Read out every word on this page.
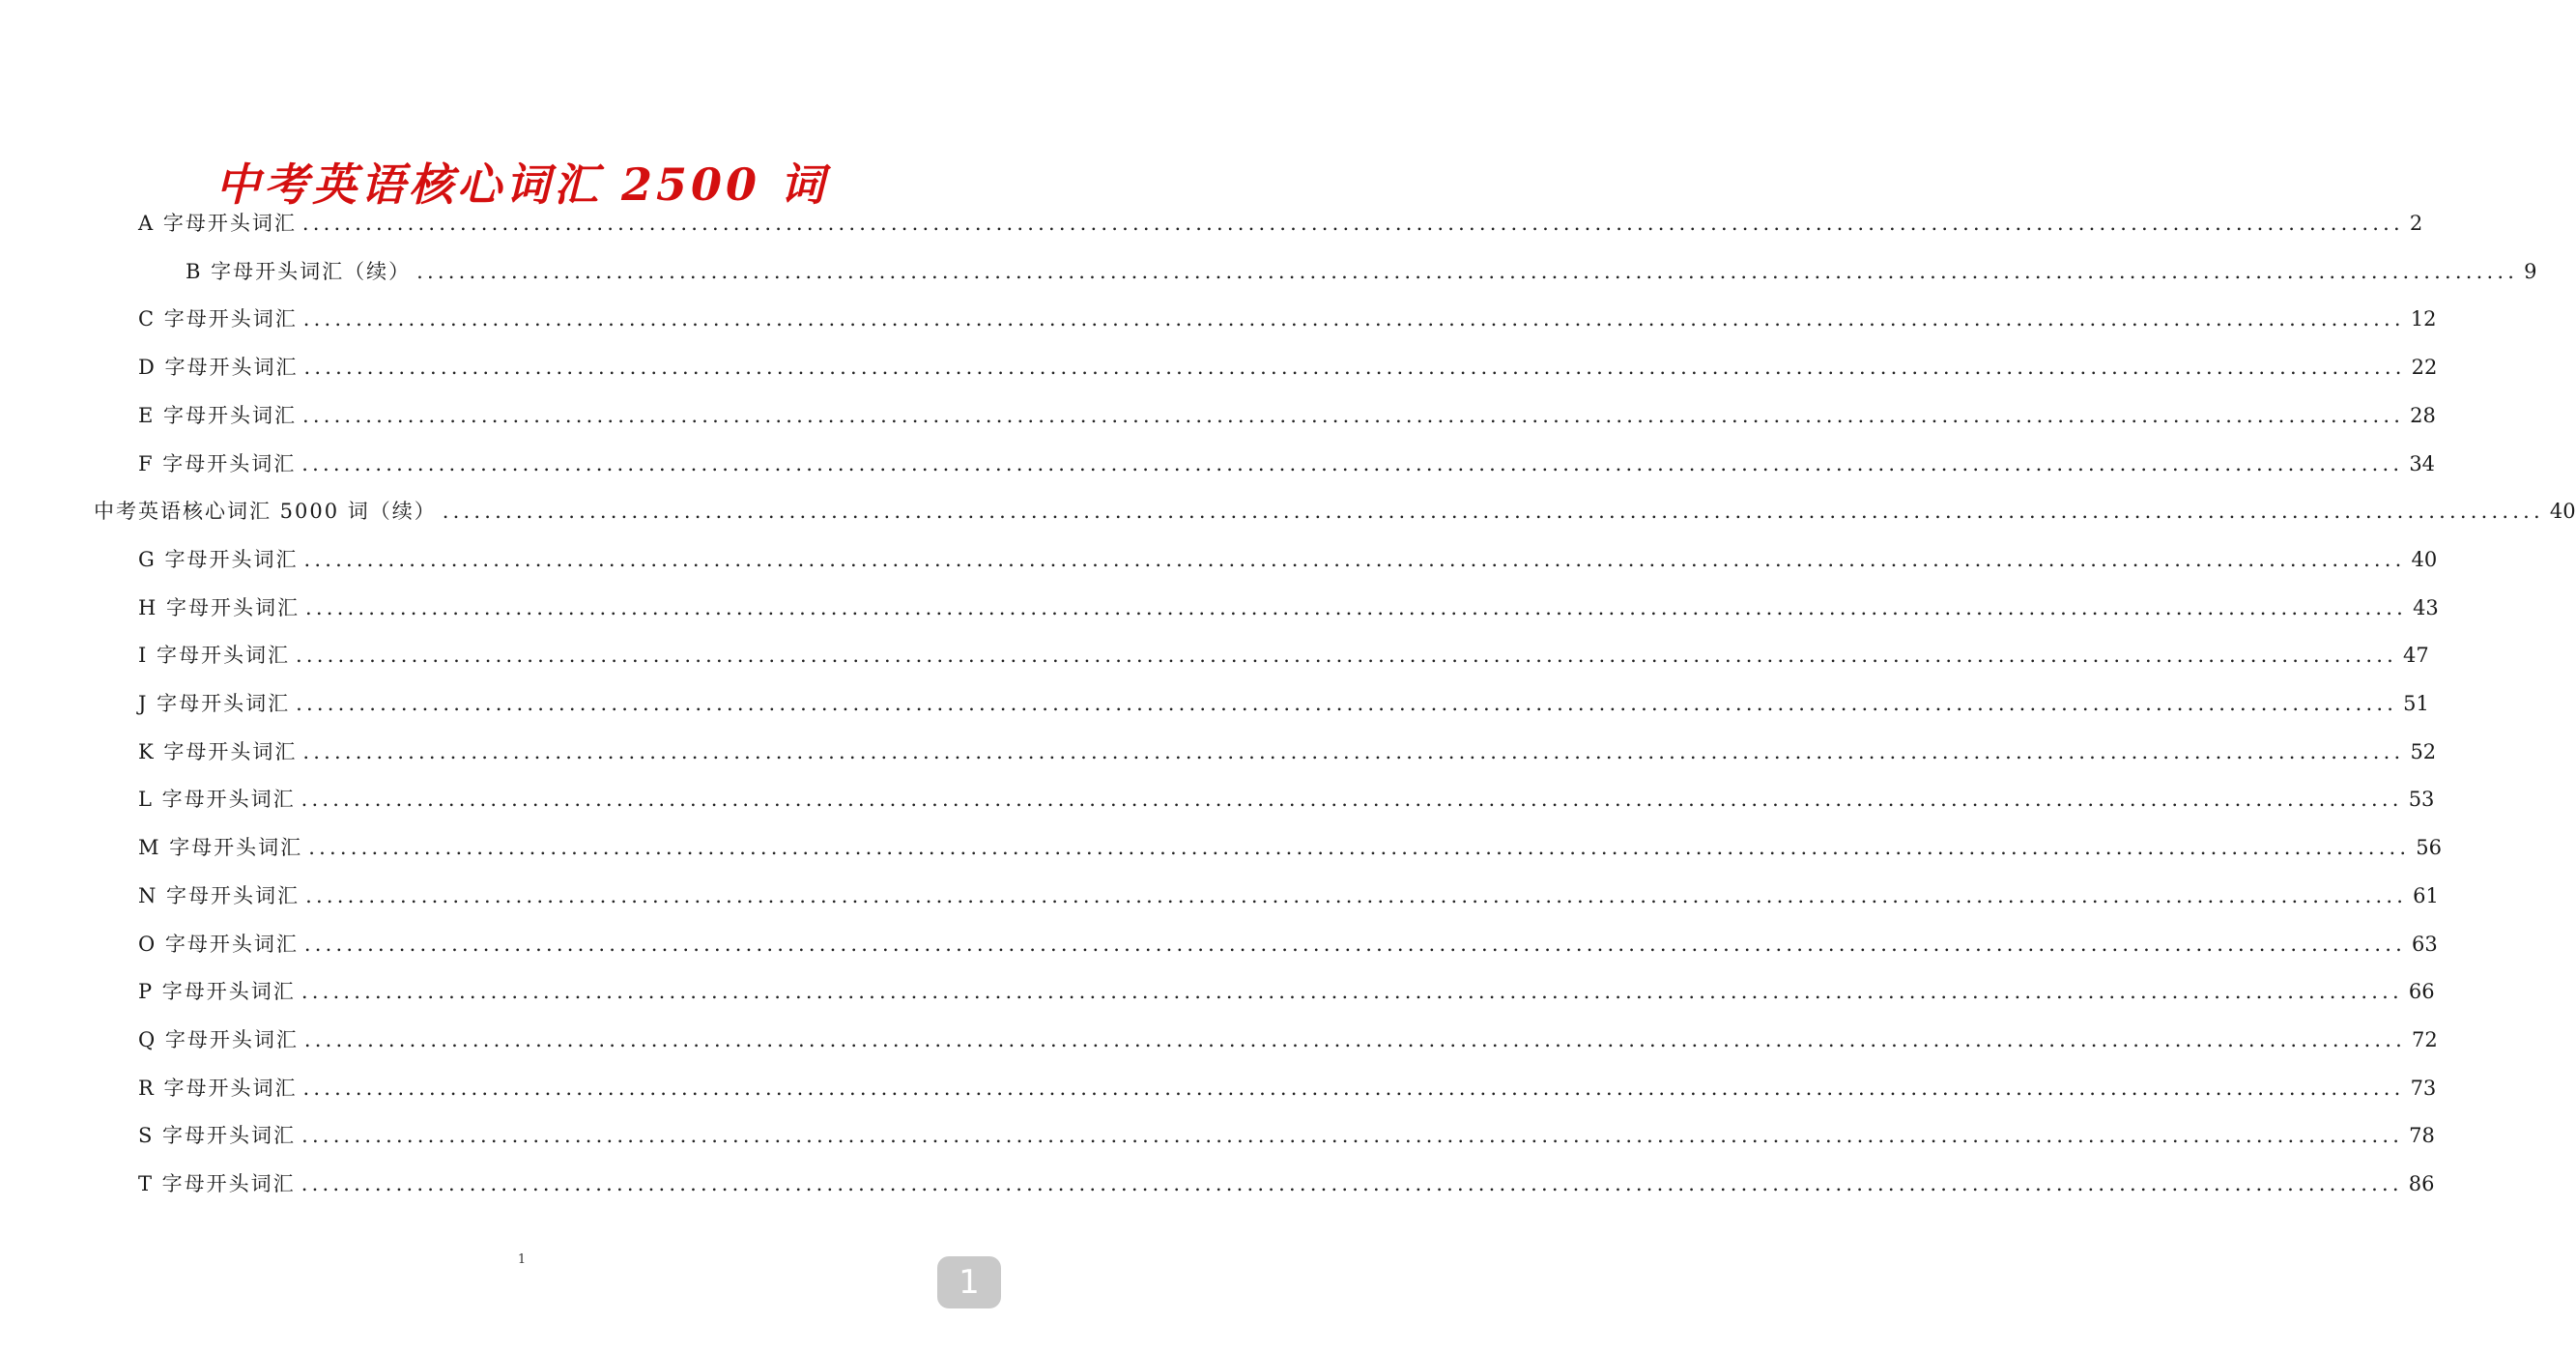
中考英语核心词汇 2500 词
A 字母开头词汇 ........................................................................................................................................................................................................ 2
B 字母开头词汇（续） ........................................................................................................................................................................................................ 9
C 字母开头词汇 ........................................................................................................................................................................................................ 12
D 字母开头词汇 ........................................................................................................................................................................................................ 22
E 字母开头词汇 ........................................................................................................................................................................................................ 28
F 字母开头词汇 ........................................................................................................................................................................................................ 34
中考英语核心词汇 5000 词（续） ........................................................................................................................................................................................................ 40
G 字母开头词汇 ........................................................................................................................................................................................................ 40
H 字母开头词汇 ........................................................................................................................................................................................................ 43
I 字母开头词汇 ........................................................................................................................................................................................................ 47
J 字母开头词汇 ........................................................................................................................................................................................................ 51
K 字母开头词汇 ........................................................................................................................................................................................................ 52
L 字母开头词汇 ........................................................................................................................................................................................................ 53
M 字母开头词汇 ........................................................................................................................................................................................................ 56
N 字母开头词汇 ........................................................................................................................................................................................................ 61
O 字母开头词汇 ........................................................................................................................................................................................................ 63
P 字母开头词汇 ........................................................................................................................................................................................................ 66
Q 字母开头词汇 ........................................................................................................................................................................................................ 72
R 字母开头词汇 ........................................................................................................................................................................................................ 73
S 字母开头词汇 ........................................................................................................................................................................................................ 78
T 字母开头词汇 ........................................................................................................................................................................................................ 86
1
1
